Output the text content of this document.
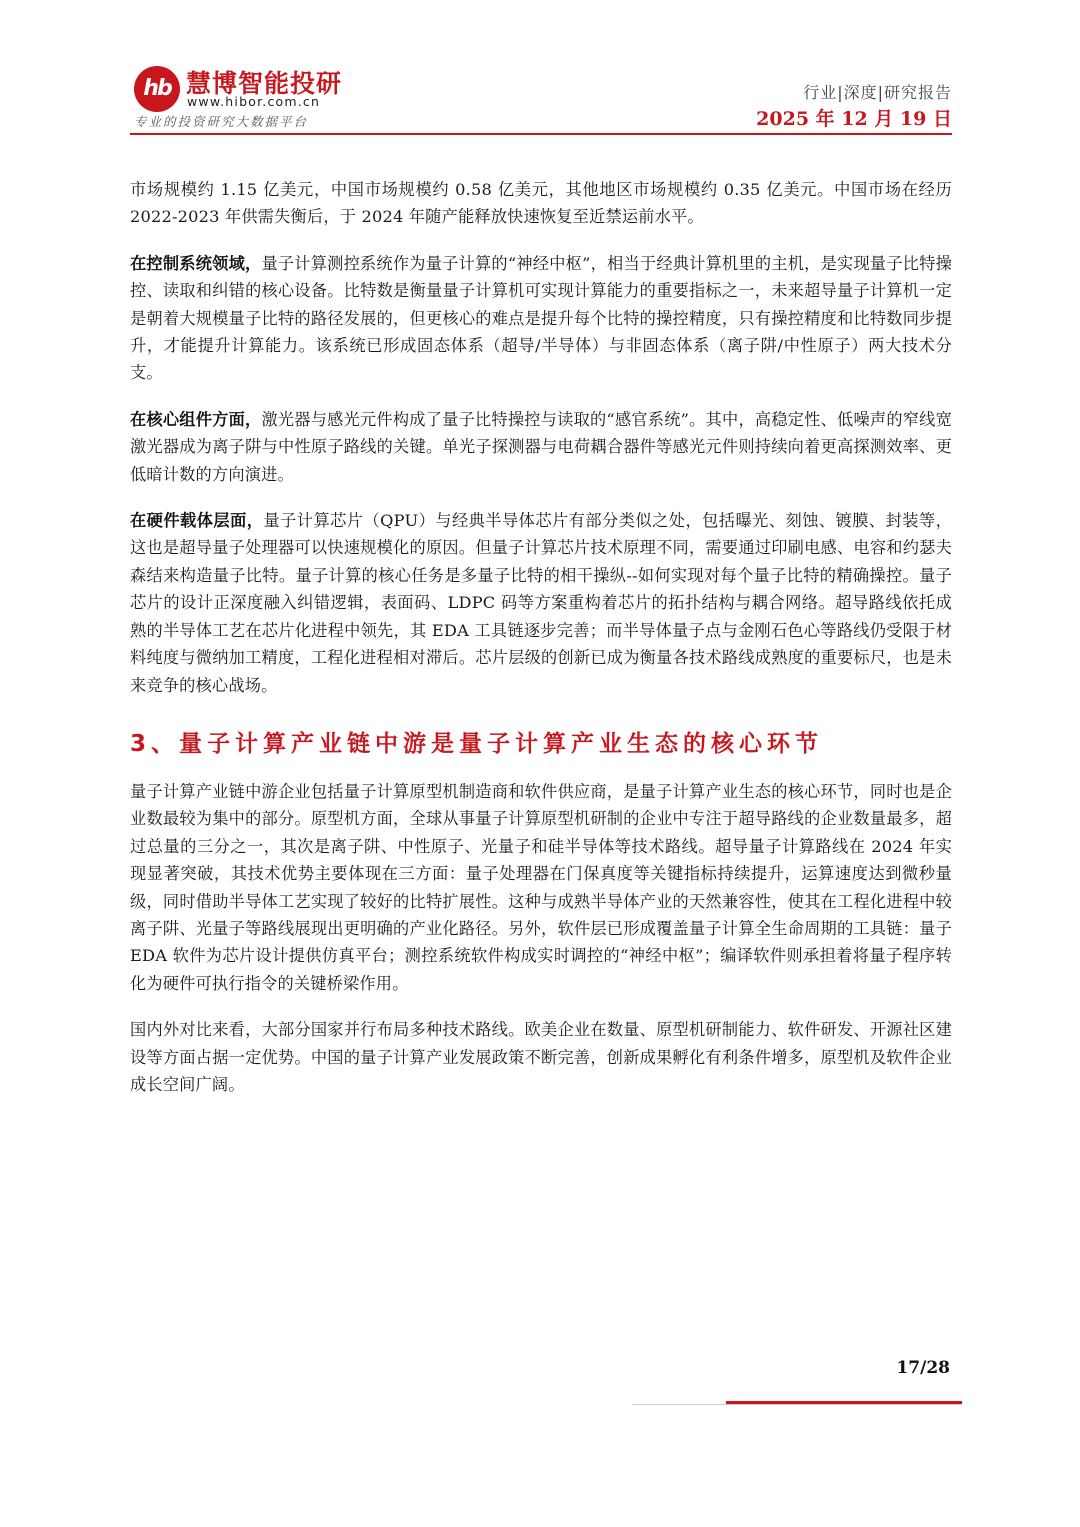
hb 慧博智能投研
www.hibor.com.cn
专业的投资研究大数据平台
行业|深度|研究报告
2025 年 12 月 19 日

市场规模约 1.15 亿美元，中国市场规模约 0.58 亿美元，其他地区市场规模约 0.35 亿美元。中国市场在经历 2022-2023 年供需失衡后，于 2024 年随产能释放快速恢复至近禁运前水平。

在控制系统领域，量子计算测控系统作为量子计算的“神经中枢”，相当于经典计算机里的主机，是实现量子比特操控、读取和纠错的核心设备。比特数是衡量量子计算机可实现计算能力的重要指标之一，未来超导量子计算机一定是朝着大规模量子比特的路径发展的，但更核心的难点是提升每个比特的操控精度，只有操控精度和比特数同步提升，才能提升计算能力。该系统已形成固态体系（超导/半导体）与非固态体系（离子阱/中性原子）两大技术分支。

在核心组件方面，激光器与感光元件构成了量子比特操控与读取的“感官系统”。其中，高稳定性、低噪声的窄线宽激光器成为离子阱与中性原子路线的关键。单光子探测器与电荷耦合器件等感光元件则持续向着更高探测效率、更低暗计数的方向演进。

在硬件载体层面，量子计算芯片（QPU）与经典半导体芯片有部分类似之处，包括曝光、刻蚀、镀膜、封装等，这也是超导量子处理器可以快速规模化的原因。但量子计算芯片技术原理不同，需要通过印刷电感、电容和约瑟夫森结来构造量子比特。量子计算的核心任务是多量子比特的相干操纵--如何实现对每个量子比特的精确操控。量子芯片的设计正深度融入纠错逻辑，表面码、LDPC 码等方案重构着芯片的拓扑结构与耦合网络。超导路线依托成熟的半导体工艺在芯片化进程中领先，其 EDA 工具链逐步完善；而半导体量子点与金刚石色心等路线仍受限于材料纯度与微纳加工精度，工程化进程相对滞后。芯片层级的创新已成为衡量各技术路线成熟度的重要标尺，也是未来竞争的核心战场。

3、量子计算产业链中游是量子计算产业生态的核心环节

量子计算产业链中游企业包括量子计算原型机制造商和软件供应商，是量子计算产业生态的核心环节，同时也是企业数最较为集中的部分。原型机方面，全球从事量子计算原型机研制的企业中专注于超导路线的企业数量最多，超过总量的三分之一，其次是离子阱、中性原子、光量子和硅半导体等技术路线。超导量子计算路线在 2024 年实现显著突破，其技术优势主要体现在三方面：量子处理器在门保真度等关键指标持续提升，运算速度达到微秒量级，同时借助半导体工艺实现了较好的比特扩展性。这种与成熟半导体产业的天然兼容性，使其在工程化进程中较离子阱、光量子等路线展现出更明确的产业化路径。另外，软件层已形成覆盖量子计算全生命周期的工具链：量子 EDA 软件为芯片设计提供仿真平台；测控系统软件构成实时调控的“神经中枢”；编译软件则承担着将量子程序转化为硬件可执行指令的关键桥梁作用。

国内外对比来看，大部分国家并行布局多种技术路线。欧美企业在数量、原型机研制能力、软件研发、开源社区建设等方面占据一定优势。中国的量子计算产业发展政策不断完善，创新成果孵化有利条件增多，原型机及软件企业成长空间广阔。

17/28
